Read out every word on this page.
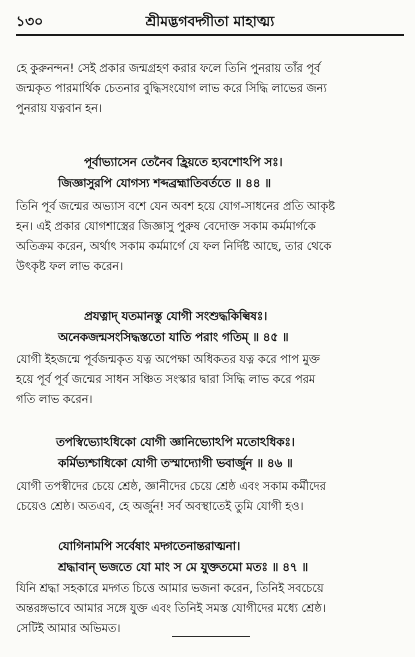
১৩০	শ্রীমদ্ভগবদ্গীতা মাহাত্ম্য
হে কুরুনন্দন! সেই প্রকার জন্মগ্রহণ করার ফলে তিনি পুনরায় তাঁর পূর্ব
জন্মকৃত পারমার্থিক চেতনার বুদ্ধিসংযোগ লাভ করে সিদ্ধি লাভের জন্য
পুনরায় যত্নবান হন।
পূর্বাভ্যাসেন তেনৈব হ্রিয়তে হ্যবশোঽপি সঃ।
জিজ্ঞাসুরপি যোগস্য শব্দব্রহ্মাতিবর্ততে ॥ ৪৪ ॥
তিনি পূর্ব জন্মের অভ্যাস বশে যেন অবশ হয়ে যোগ-সাধনের প্রতি আকৃষ্ট
হন। এই প্রকার যোগশাস্ত্রের জিজ্ঞাসু পুরুষ বেদোক্ত সকাম কর্মমার্গকে
অতিক্রম করেন, অর্থাৎ সকাম কর্মমার্গে যে ফল নির্দিষ্ট আছে, তার থেকে
উৎকৃষ্ট ফল লাভ করেন।
প্রযত্নাদ্ যতমানস্তু যোগী সংশুদ্ধকিল্বিষঃ।
অনেকজন্মসংসিদ্ধস্ততো যাতি পরাং গতিম্ ॥ ৪৫ ॥
যোগী ইহজন্মে পূর্বজন্মকৃত যত্ন অপেক্ষা অধিকতর যত্ন করে পাপ মুক্ত
হয়ে পূর্ব পূর্ব জন্মের সাধন সঞ্চিত সংস্কার দ্বারা সিদ্ধি লাভ করে পরম
গতি লাভ করেন।
তপস্বিভ্যোঽধিকো যোগী জ্ঞানিভ্যোঽপি মতোঽধিকঃ।
কর্মিভ্যশ্চাধিকো যোগী তস্মাদ্যোগী ভবার্জুন ॥ ৪৬ ॥
যোগী তপস্বীদের চেয়ে শ্রেষ্ঠ, জ্ঞানীদের চেয়ে শ্রেষ্ঠ এবং সকাম কর্মীদের
চেয়েও শ্রেষ্ঠ। অতএব, হে অর্জুন! সর্ব অবস্থাতেই তুমি যোগী হও।
যোগিনামপি সর্বেষাং মদ্গতেনান্তরাত্মনা।
শ্রদ্ধাবান্ ভজতে যো মাং স মে যুক্ততমো মতঃ ॥ ৪৭ ॥
যিনি শ্রদ্ধা সহকারে মদ্গত চিত্তে আমার ভজনা করেন, তিনিই সবচেয়ে
অন্তরঙ্গভাবে আমার সঙ্গে যুক্ত এবং তিনিই সমস্ত যোগীদের মধ্যে শ্রেষ্ঠ।
সেটিই আমার অভিমত।
